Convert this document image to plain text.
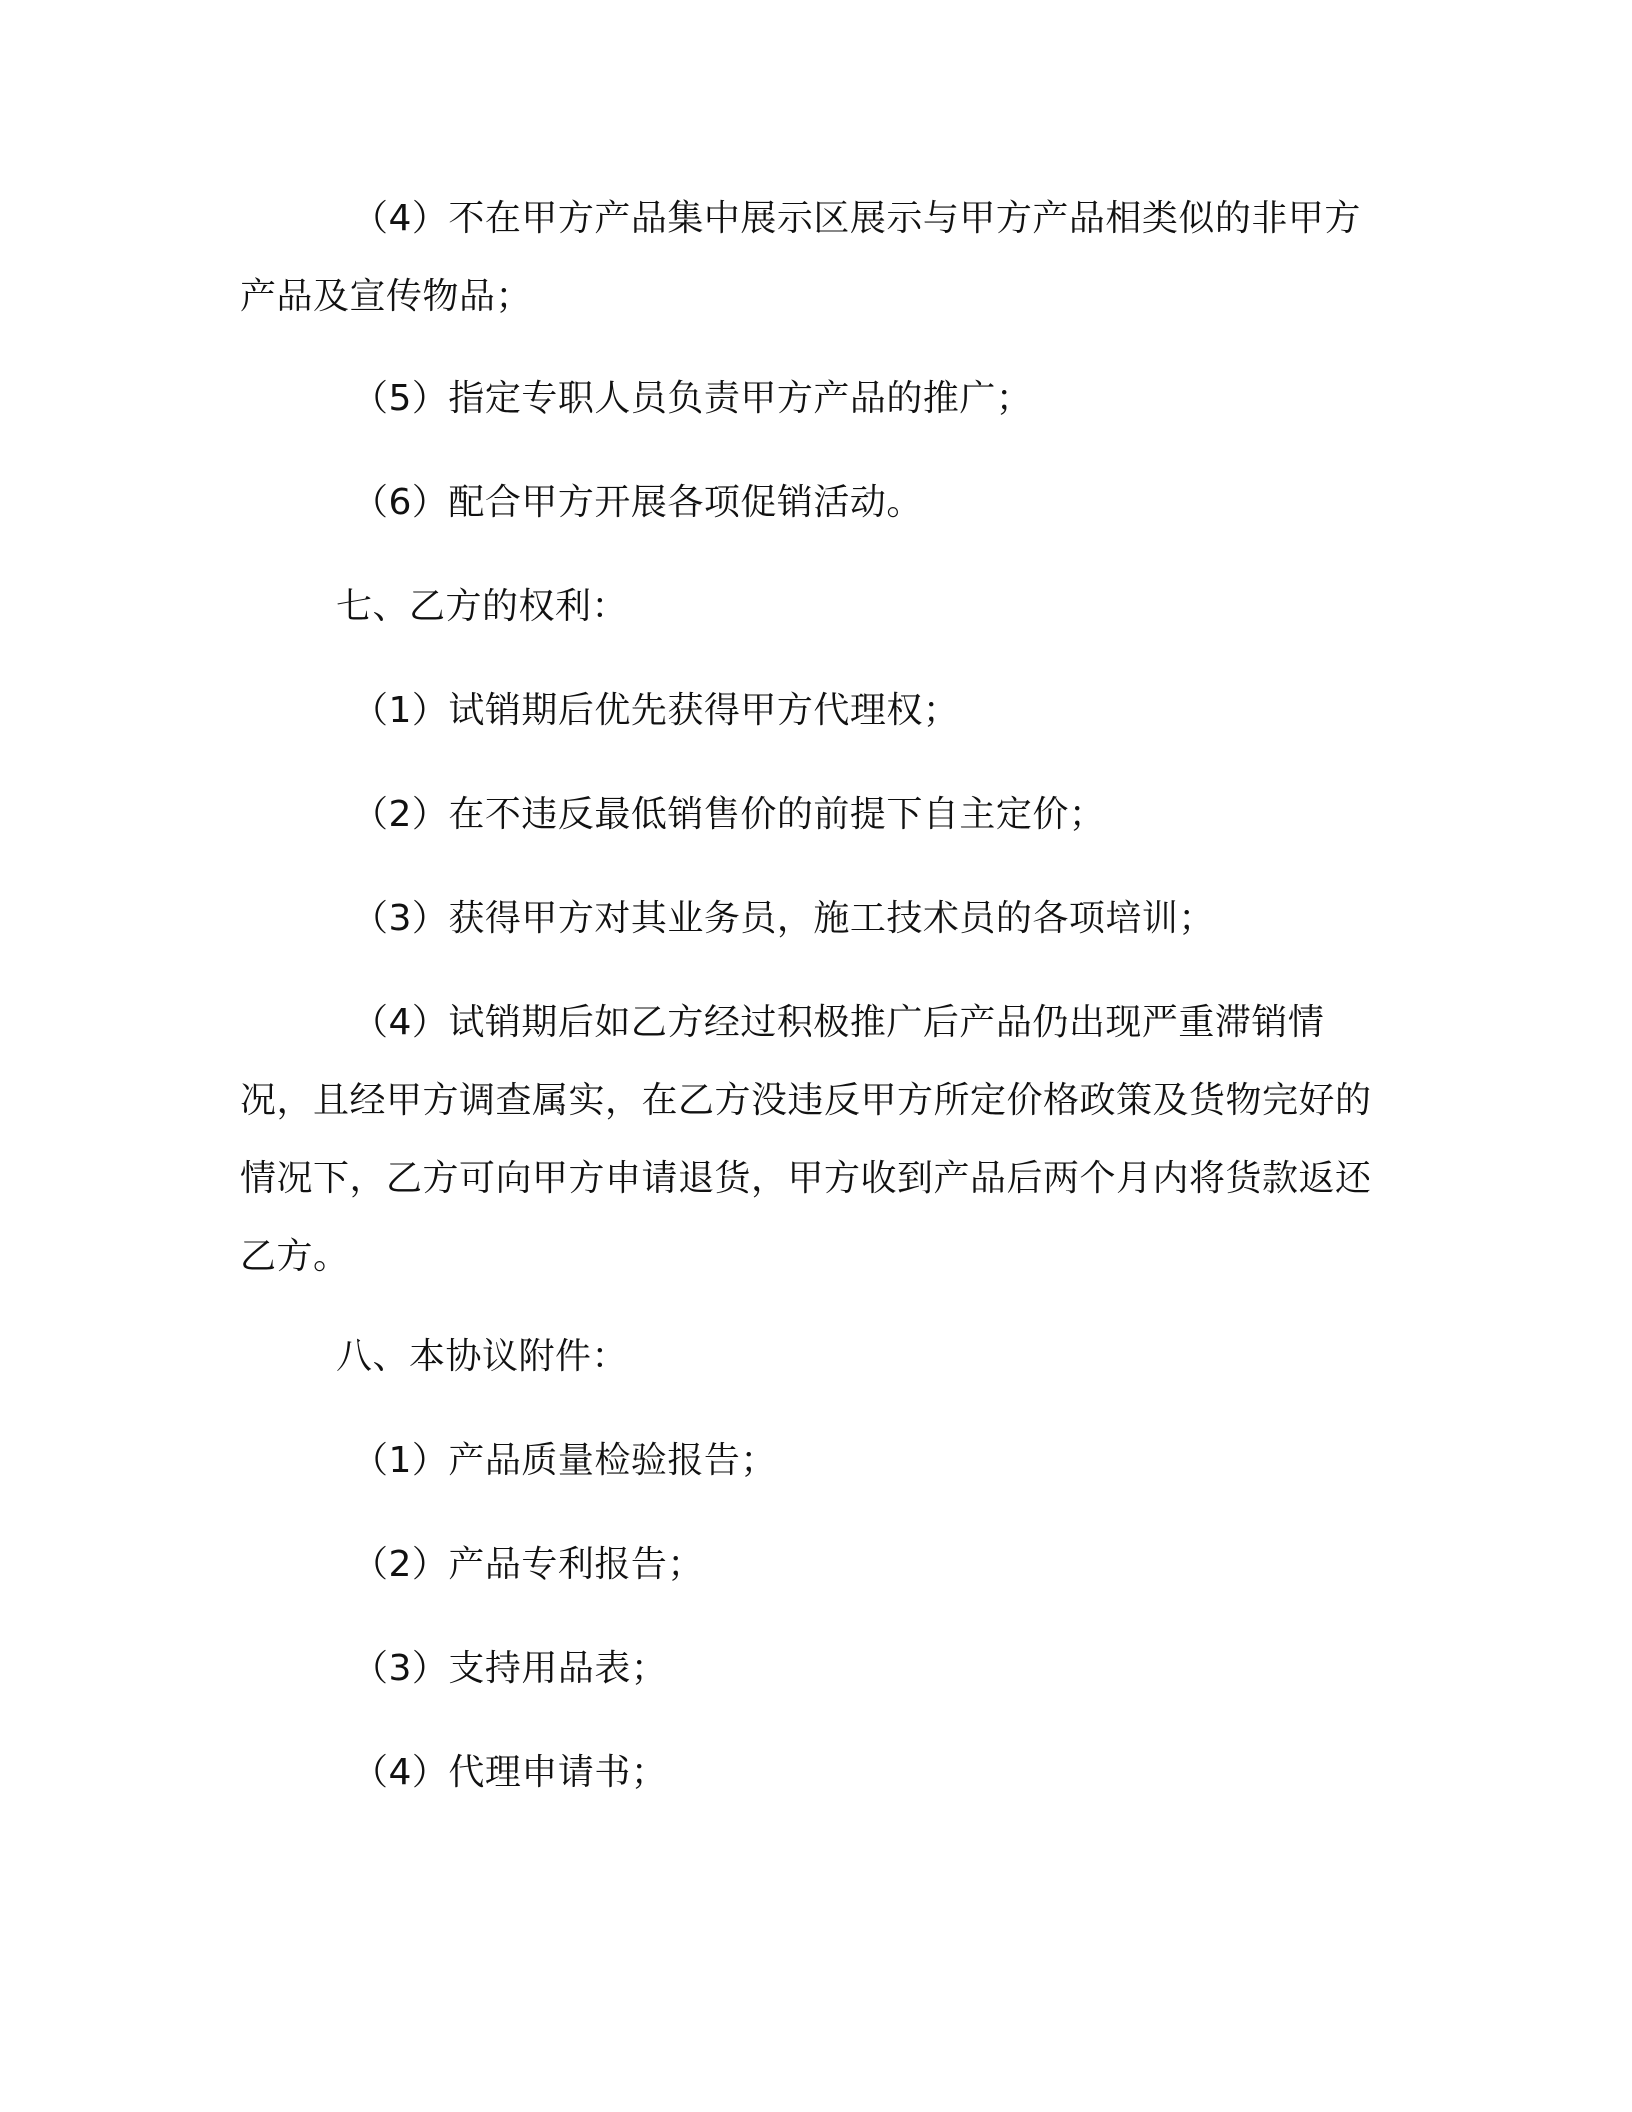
（4）不在甲方产品集中展示区展示与甲方产品相类似的非甲方产品及宣传物品；

（5）指定专职人员负责甲方产品的推广；

（6）配合甲方开展各项促销活动。

七、乙方的权利：

（1）试销期后优先获得甲方代理权；

（2）在不违反最低销售价的前提下自主定价；

（3）获得甲方对其业务员，施工技术员的各项培训；

（4）试销期后如乙方经过积极推广后产品仍出现严重滞销情况，且经甲方调查属实，在乙方没违反甲方所定价格政策及货物完好的情况下，乙方可向甲方申请退货，甲方收到产品后两个月内将货款返还乙方。

八、本协议附件：

（1）产品质量检验报告；

（2）产品专利报告；

（3）支持用品表；

（4）代理申请书；
